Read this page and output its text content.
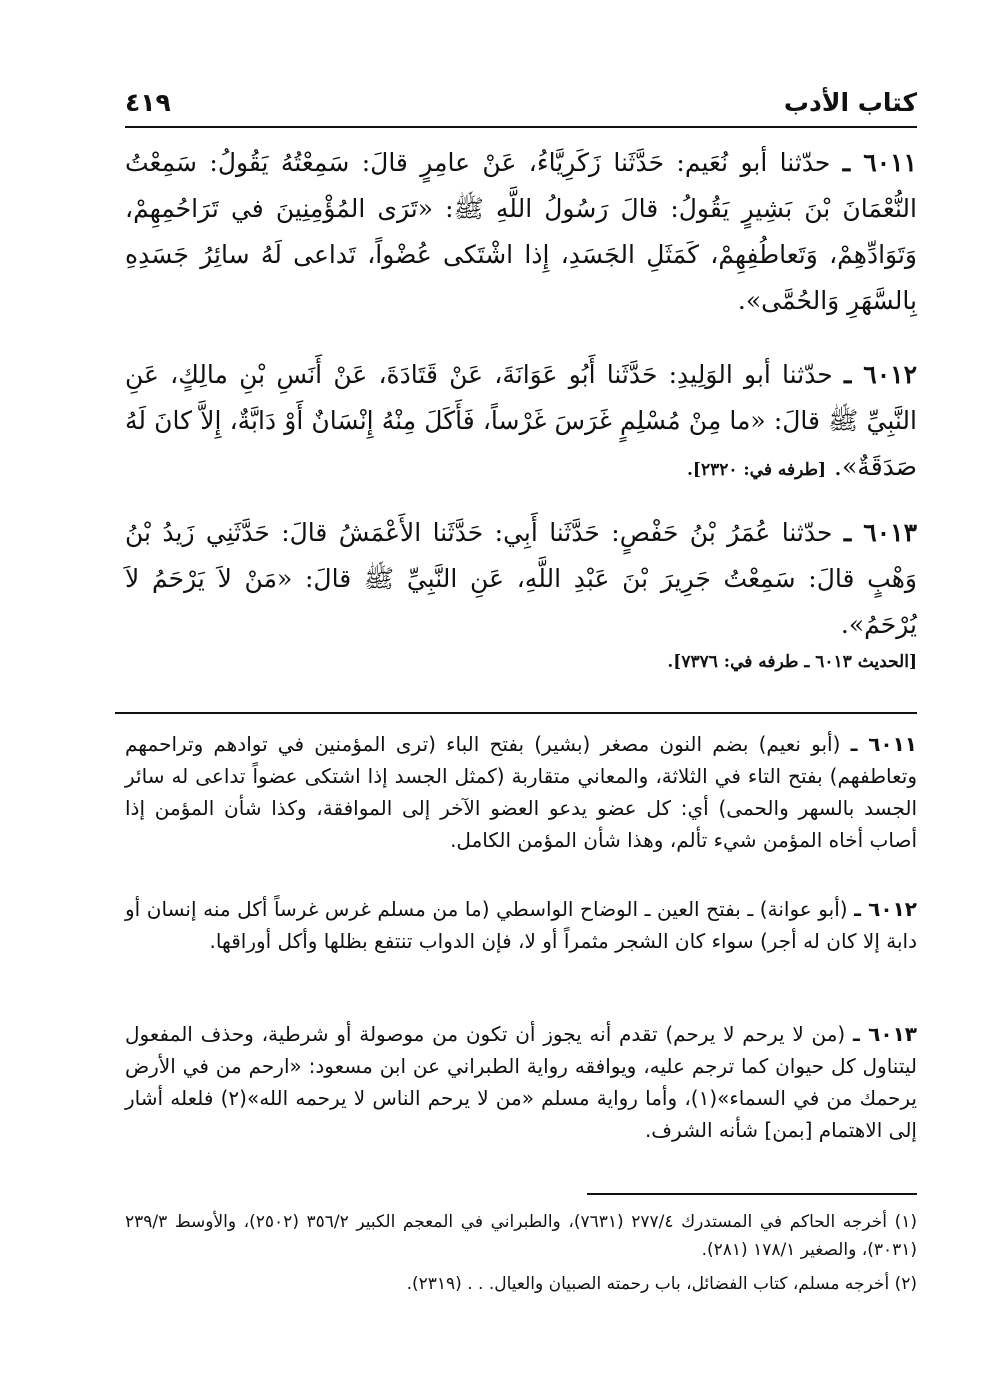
كتاب الأدب
٤١٩

٦٠١١ ـ حدّثنا أبو نُعَيم: حَدَّثَنا زَكَرِيَّاءُ، عَنْ عامِرٍ قالَ: سَمِعْتُهُ يَقُولُ: سَمِعْتُ النُّعْمَانَ بْنَ بَشِيرٍ يَقُولُ: قالَ رَسُولُ اللَّهِ ﷺ: «تَرَى المُؤْمِنِينَ في تَرَاحُمِهِمْ، وَتَوَادِّهِمْ، وَتَعاطُفِهِمْ، كَمَثَلِ الجَسَدِ، إِذا اشْتَكى عُضْواً، تَداعى لَهُ سائِرُ جَسَدِهِ بِالسَّهَرِ وَالحُمَّى».

٦٠١٢ ـ حدّثنا أبو الوَلِيدِ: حَدَّثَنا أَبُو عَوَانَةَ، عَنْ قَتَادَةَ، عَنْ أَنَسِ بْنِ مالِكٍ، عَنِ النَّبِيِّ ﷺ قالَ: «ما مِنْ مُسْلِمٍ غَرَسَ غَرْساً، فَأَكَلَ مِنْهُ إِنْسَانٌ أَوْ دَابَّةٌ، إِلاَّ كانَ لَهُ صَدَقَةٌ». [طرفه في: ٢٣٢٠].

٦٠١٣ ـ حدّثنا عُمَرُ بْنُ حَفْصٍ: حَدَّثَنا أَبِي: حَدَّثَنا الأَعْمَشُ قالَ: حَدَّثَنِي زَيدُ بْنُ وَهْبٍ قالَ: سَمِعْتُ جَرِيرَ بْنَ عَبْدِ اللَّهِ، عَنِ النَّبِيِّ ﷺ قالَ: «مَنْ لاَ يَرْحَمُ لاَ يُرْحَمُ».

[الحديث ٦٠١٣ ـ طرفه في: ٧٣٧٦].

٦٠١١ ـ (أبو نعيم) بضم النون مصغر (بشير) بفتح الباء (ترى المؤمنين في توادهم وتراحمهم وتعاطفهم) بفتح التاء في الثلاثة، والمعاني متقاربة (كمثل الجسد إذا اشتكى عضواً تداعى له سائر الجسد بالسهر والحمى) أي: كل عضو يدعو العضو الآخر إلى الموافقة، وكذا شأن المؤمن إذا أصاب أخاه المؤمن شيء تألم، وهذا شأن المؤمن الكامل.

٦٠١٢ ـ (أبو عوانة) ـ بفتح العين ـ الوضاح الواسطي (ما من مسلم غرس غرساً أكل منه إنسان أو دابة إلا كان له أجر) سواء كان الشجر مثمراً أو لا، فإن الدواب تنتفع بظلها وأكل أوراقها.

٦٠١٣ ـ (من لا يرحم لا يرحم) تقدم أنه يجوز أن تكون من موصولة أو شرطية، وحذف المفعول ليتناول كل حيوان كما ترجم عليه، ويوافقه رواية الطبراني عن ابن مسعود: «ارحم من في الأرض يرحمك من في السماء»(١)، وأما رواية مسلم «من لا يرحم الناس لا يرحمه الله»(٢) فلعله أشار إلى الاهتمام [بمن] شأنه الشرف.

(١) أخرجه الحاكم في المستدرك ٢٧٧/٤ (٧٦٣١)، والطبراني في المعجم الكبير ٣٥٦/٢ (٢٥٠٢)، والأوسط ٢٣٩/٣ (٣٠٣١)، والصغير ١٧٨/١ (٢٨١).

(٢) أخرجه مسلم، كتاب الفضائل، باب رحمته الصبيان والعيال. . . (٢٣١٩).
